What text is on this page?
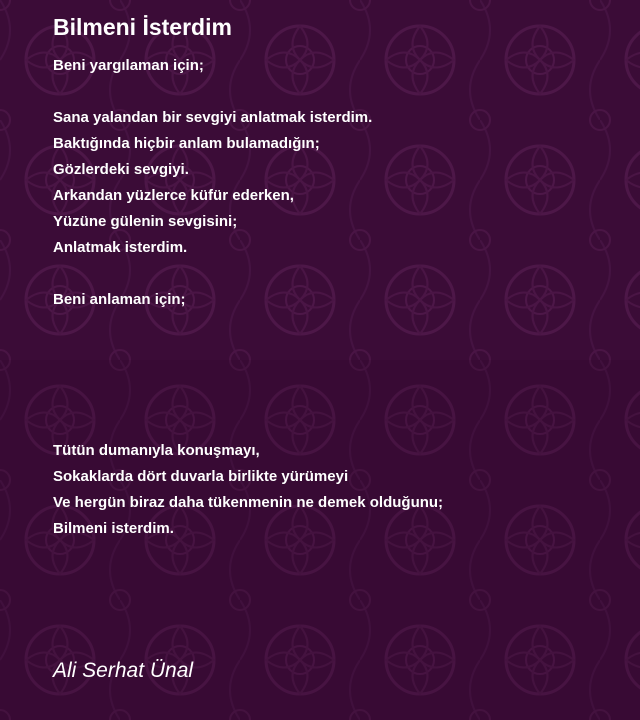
Bilmeni İsterdim
Beni yargılaman için;
Sana yalandan bir sevgiyi anlatmak isterdim.
Baktığında hiçbir anlam bulamadığın;
Gözlerdeki sevgiyi.
Arkandan yüzlerce küfür ederken,
Yüzüne gülenin sevgisini;
Anlatmak isterdim.
Beni anlaman için;
Tütün dumanıyla konuşmayı,
Sokaklarda dört duvarla birlikte yürümeyi
Ve hergün biraz daha tükenmenin ne demek olduğunu;
Bilmeni isterdim.

Ali Serhat Ünal
